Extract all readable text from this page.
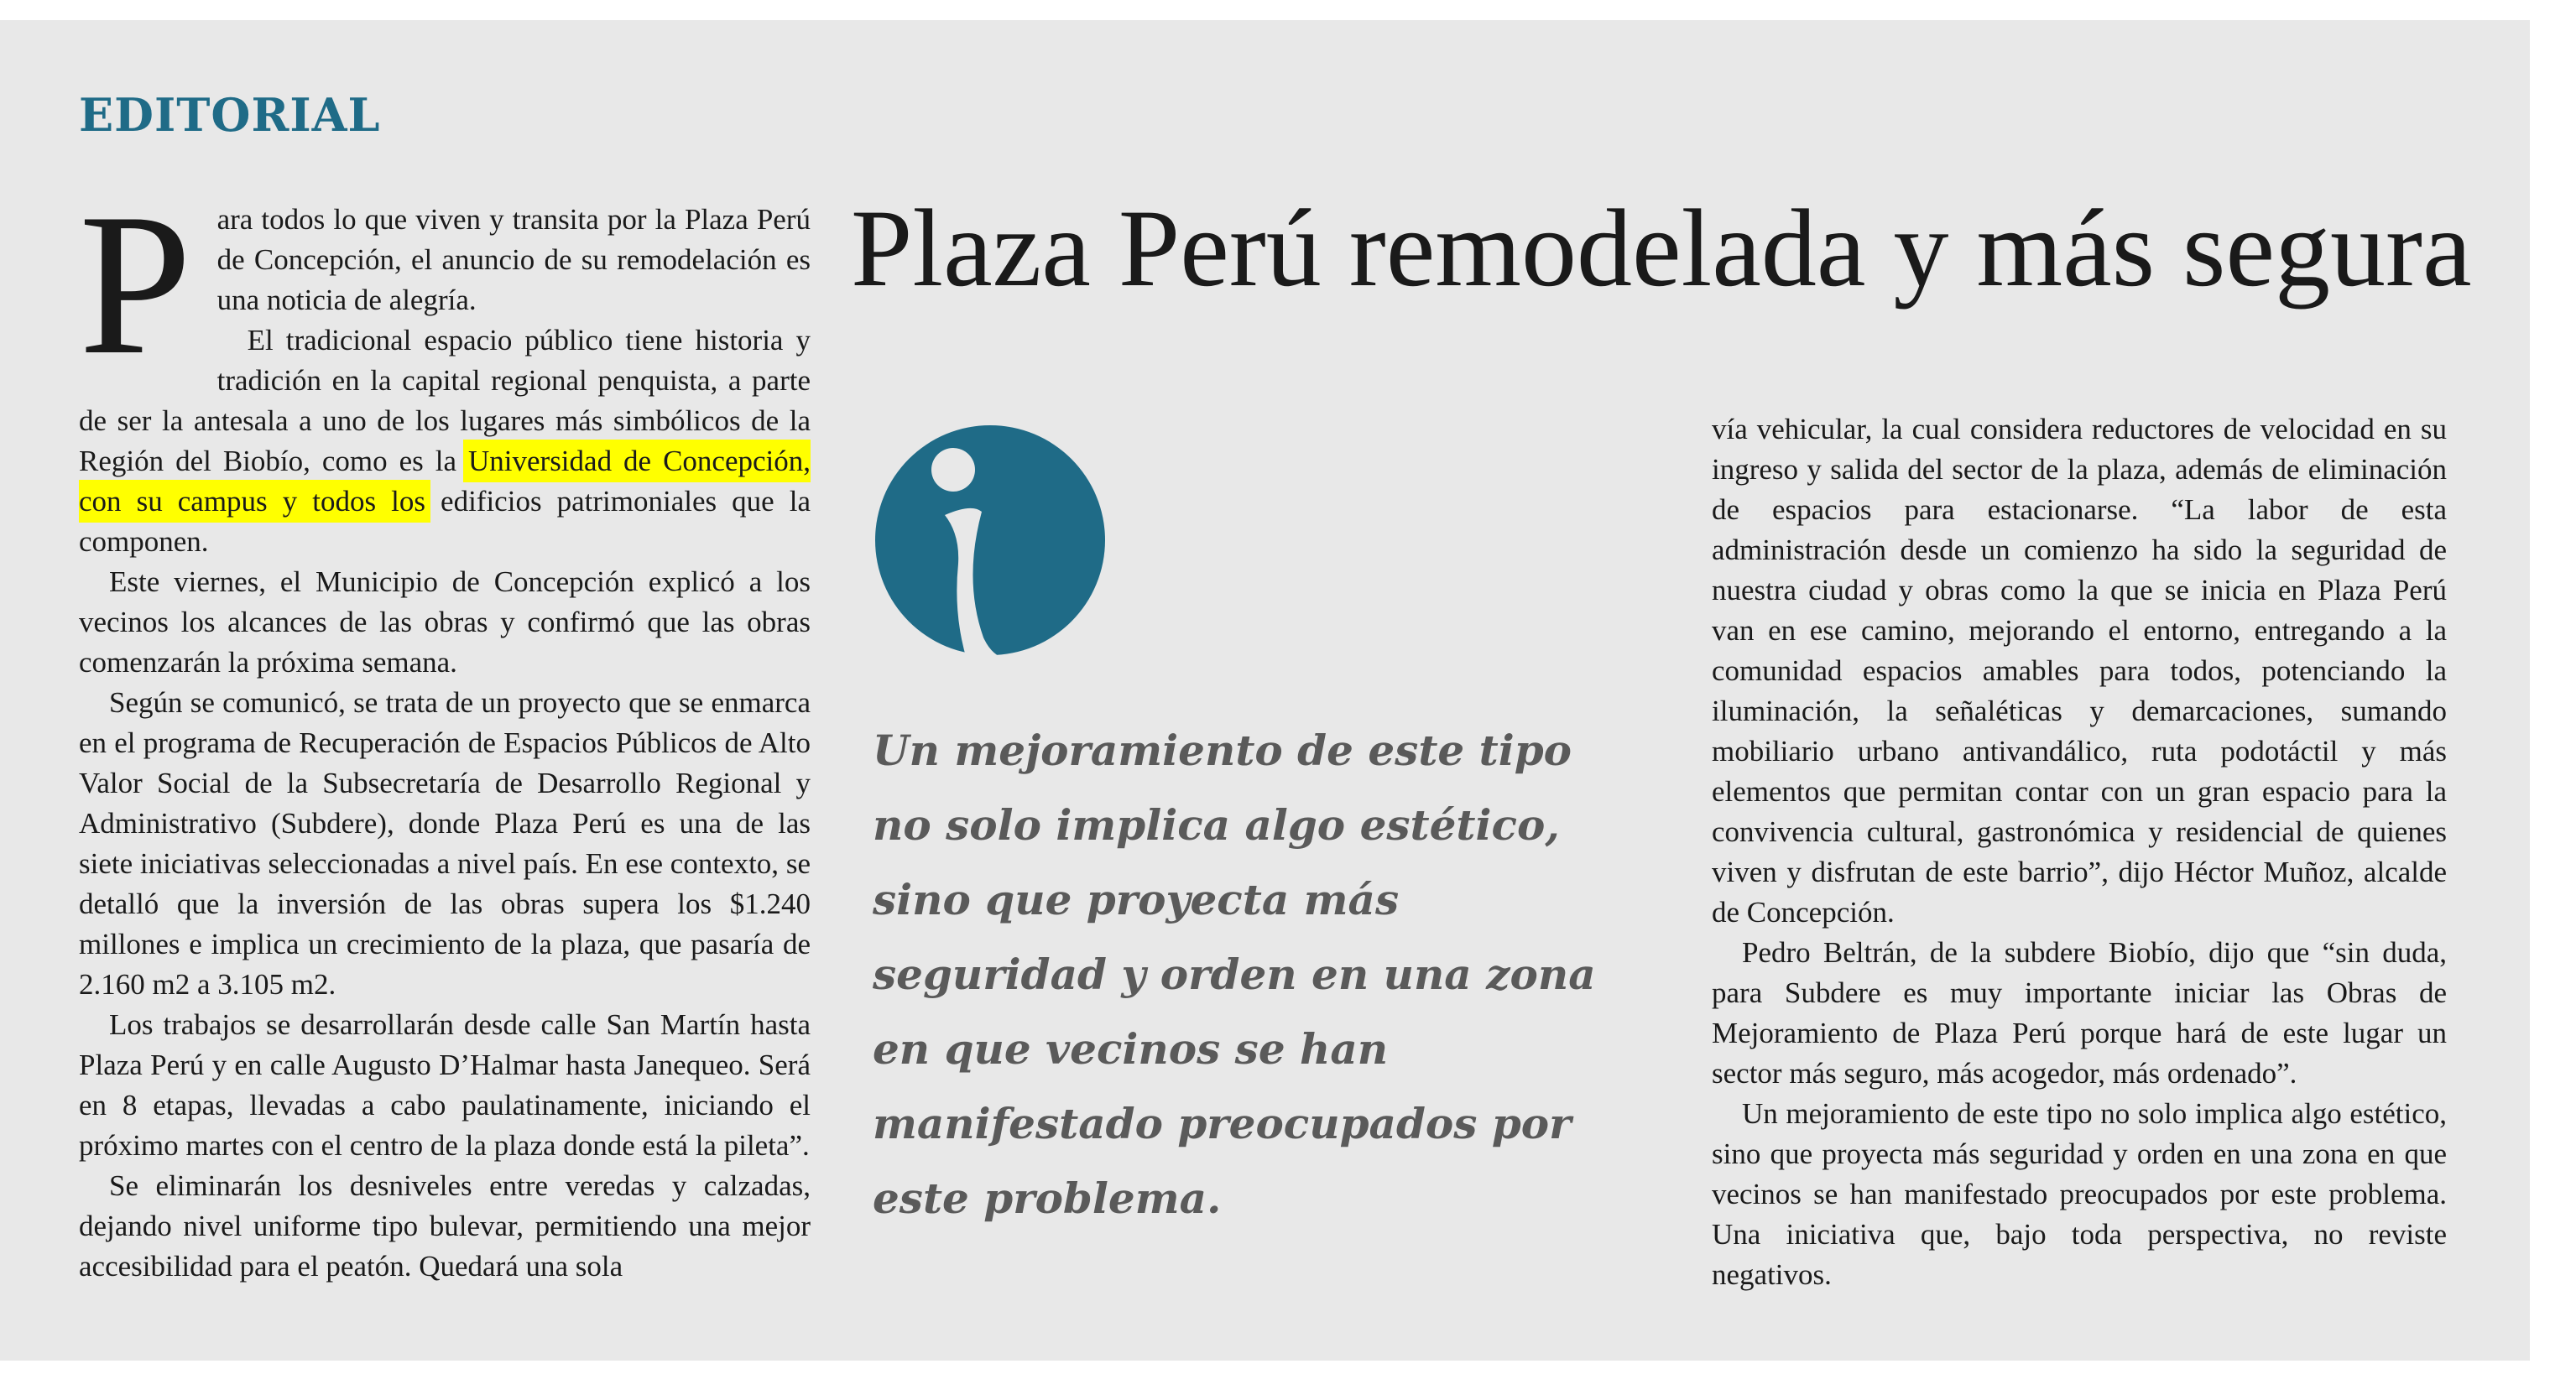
EDITORIAL
Plaza Perú remodelada y más segura
P ara todos lo que viven y transita por la Plaza Perú de Concepción, el anuncio de su remodelación es una noticia de alegría.

El tradicional espacio público tiene historia y tradición en la capital regional penquista, a parte de ser la antesala a uno de los lugares más simbólicos de la Región del Biobío, como es la Universidad de Concepción, con su campus y todos los edificios patrimoniales que la componen.

Este viernes, el Municipio de Concepción explicó a los vecinos los alcances de las obras y confirmó que las obras comenzarán la próxima semana.

Según se comunicó, se trata de un proyecto que se enmarca en el programa de Recuperación de Espacios Públicos de Alto Valor Social de la Subsecretaría de Desarrollo Regional y Administrativo (Subdere), donde Plaza Perú es una de las siete iniciativas seleccionadas a nivel país. En ese contexto, se detalló que la inversión de las obras supera los $1.240 millones e implica un crecimiento de la plaza, que pasaría de 2.160 m2 a 3.105 m2.

Los trabajos se desarrollarán desde calle San Martín hasta Plaza Perú y en calle Augusto D’Halmar hasta Janequeo. Será en 8 etapas, llevadas a cabo paulatinamente, iniciando el próximo martes con el centro de la plaza donde está la pileta”.

Se eliminarán los desniveles entre veredas y calzadas, dejando nivel uniforme tipo bulevar, permitiendo una mejor accesibilidad para el peatón. Quedará una sola

Un mejoramiento de este tipo no solo implica algo estético, sino que proyecta más seguridad y orden en una zona en que vecinos se han manifestado preocupados por este problema.

vía vehicular, la cual considera reductores de velocidad en su ingreso y salida del sector de la plaza, además de eliminación de espacios para estacionarse. “La labor de esta administración desde un comienzo ha sido la seguridad de nuestra ciudad y obras como la que se inicia en Plaza Perú van en ese camino, mejorando el entorno, entregando a la comunidad espacios amables para todos, potenciando la iluminación, la señaléticas y demarcaciones, sumando mobiliario urbano antivandálico, ruta podotáctil y más elementos que permitan contar con un gran espacio para la convivencia cultural, gastronómica y residencial de quienes viven y disfrutan de este barrio”, dijo Héctor Muñoz, alcalde de Concepción.

Pedro Beltrán, de la subdere Biobío, dijo que “sin duda, para Subdere es muy importante iniciar las Obras de Mejoramiento de Plaza Perú porque hará de este lugar un sector más seguro, más acogedor, más ordenado”.

Un mejoramiento de este tipo no solo implica algo estético, sino que proyecta más seguridad y orden en una zona en que vecinos se han manifestado preocupados por este problema. Una iniciativa que, bajo toda perspectiva, no reviste negativos.
